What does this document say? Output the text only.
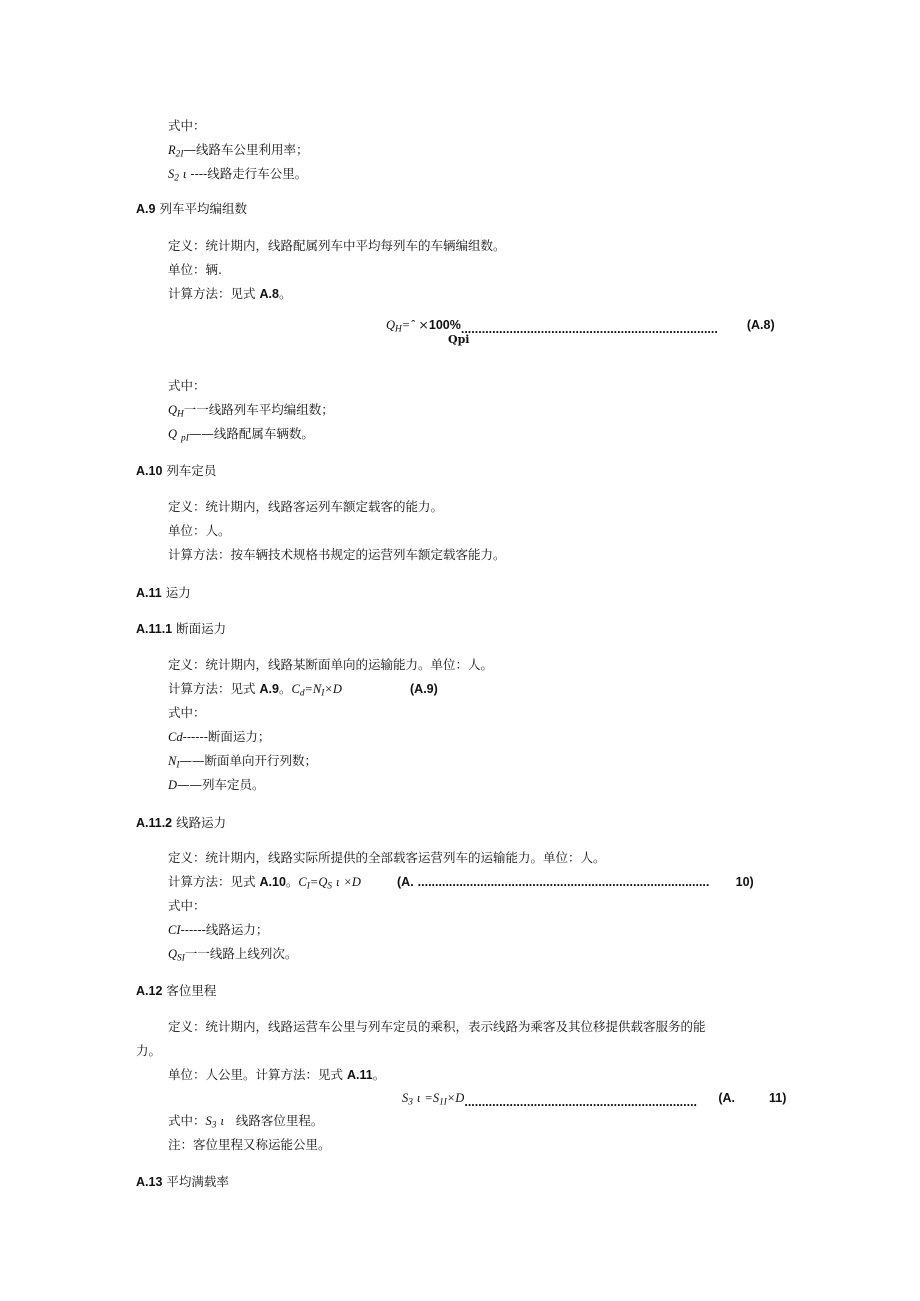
式中：
$R_{2I}—$线路车公里利用率；
$S_2$ ι ----线路走行车公里。
A.9 列车平均编组数
定义：统计期内，线路配属列车中平均每列车的车辆编组数。
单位：辆.
计算方法：见式 A.8。
$Q_H=ˆ \times 100\%$.......................................................................... (A.8)
Qpi
式中：
$Q_H$一一线路列车平均编组数；
Q $_{pI}$——线路配属车辆数。
A.10 列车定员
定义：统计期内，线路客运列车额定载客的能力。
单位：人。
计算方法：按车辆技术规格书规定的运营列车额定载客能力。
A.11 运力
A.11.1 断面运力
定义：统计期内，线路某断面单向的运输能力。单位：人。
计算方法：见式 A.9。$C_d=N_I\times D$	(A.9)
式中：
Cd------断面运力；
$N_I——$断面单向开行列数；
D——列车定员。
A.11.2 线路运力
定义：统计期内，线路实际所提供的全部载客运营列车的运输能力。单位：人。
计算方法：见式 A.10。$C_I=Q_S$ ι ×D	(A. .................................................................................... 10)
式中：
CI------线路运力；
$Q_{SI}$一一线路上线列次。
A.12 客位里程
定义：统计期内，线路运营车公里与列车定员的乘积，表示线路为乘客及其位移提供载客服务的能
力。
单位：人公里。计算方法：见式 A.11。
$S_3$ $\iota =S_{1I}\times D$................................................................... (A.	11)
式中：$S_3$ ι 线路客位里程。
注：客位里程又称运能公里。
A.13 平均满载率
